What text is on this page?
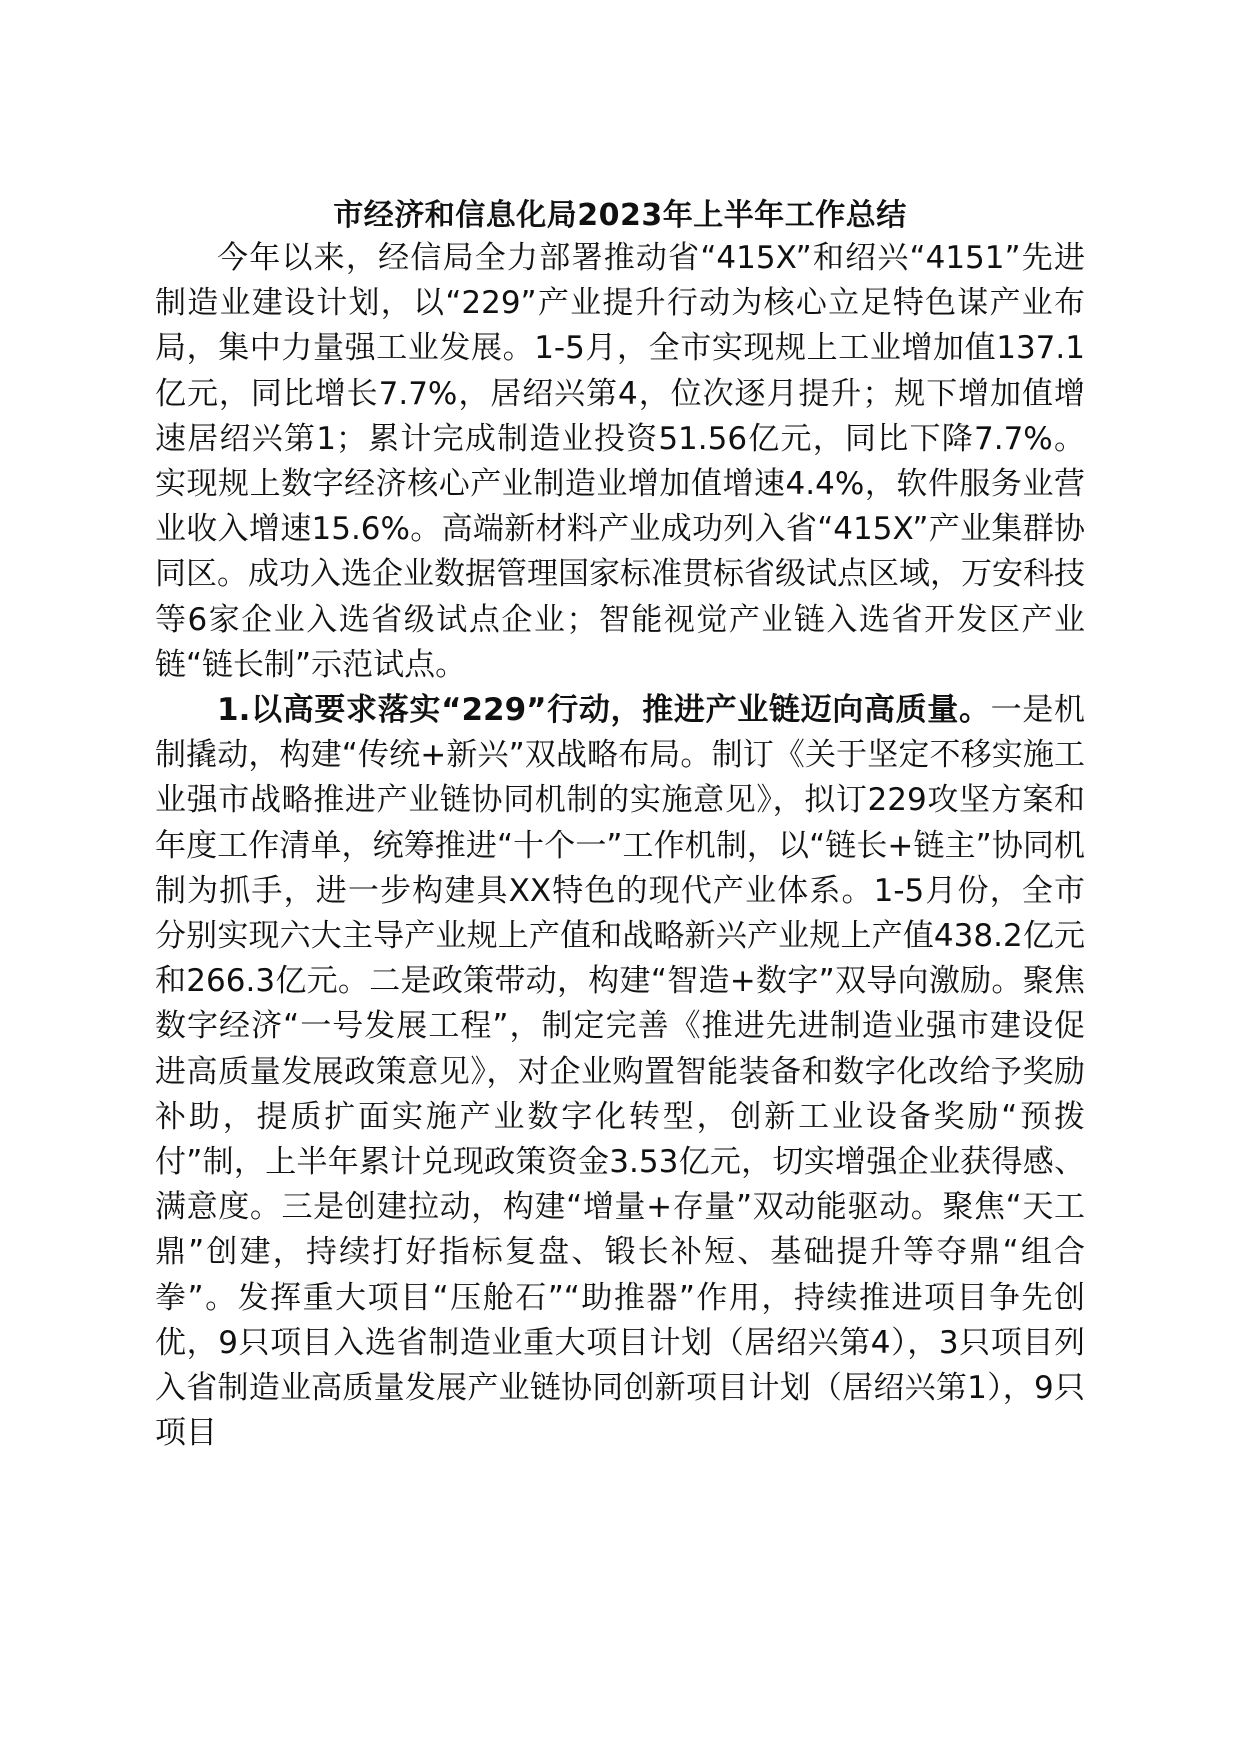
市经济和信息化局2023年上半年工作总结

今年以来，经信局全力部署推动省“415X”和绍兴“4151”先进制造业建设计划，以“229”产业提升行动为核心立足特色谋产业布局，集中力量强工业发展。1-5月，全市实现规上工业增加值137.1亿元，同比增长7.7%，居绍兴第4，位次逐月提升；规下增加值增速居绍兴第1；累计完成制造业投资51.56亿元，同比下降7.7%。实现规上数字经济核心产业制造业增加值增速4.4%，软件服务业营业收入增速15.6%。高端新材料产业成功列入省“415X”产业集群协同区。成功入选企业数据管理国家标准贯标省级试点区域，万安科技等6家企业入选省级试点企业；智能视觉产业链入选省开发区产业链“链长制”示范试点。

1.以高要求落实“229”行动，推进产业链迈向高质量。一是机制撬动，构建“传统+新兴”双战略布局。制订《关于坚定不移实施工业强市战略推进产业链协同机制的实施意见》，拟订229攻坚方案和年度工作清单，统筹推进“十个一”工作机制，以“链长+链主”协同机制为抓手，进一步构建具XX特色的现代产业体系。1-5月份，全市分别实现六大主导产业规上产值和战略新兴产业规上产值438.2亿元和266.3亿元。二是政策带动，构建“智造+数字”双导向激励。聚焦数字经济“一号发展工程”，制定完善《推进先进制造业强市建设促进高质量发展政策意见》，对企业购置智能装备和数字化改给予奖励补助，提质扩面实施产业数字化转型，创新工业设备奖励“预拨付”制，上半年累计兑现政策资金3.53亿元，切实增强企业获得感、满意度。三是创建拉动，构建“增量+存量”双动能驱动。聚焦“天工鼎”创建，持续打好指标复盘、锻长补短、基础提升等夺鼎“组合拳”。发挥重大项目“压舱石”“助推器”作用，持续推进项目争先创优，9只项目入选省制造业重大项目计划（居绍兴第4），3只项目列入省制造业高质量发展产业链协同创新项目计划（居绍兴第1），9只项目
